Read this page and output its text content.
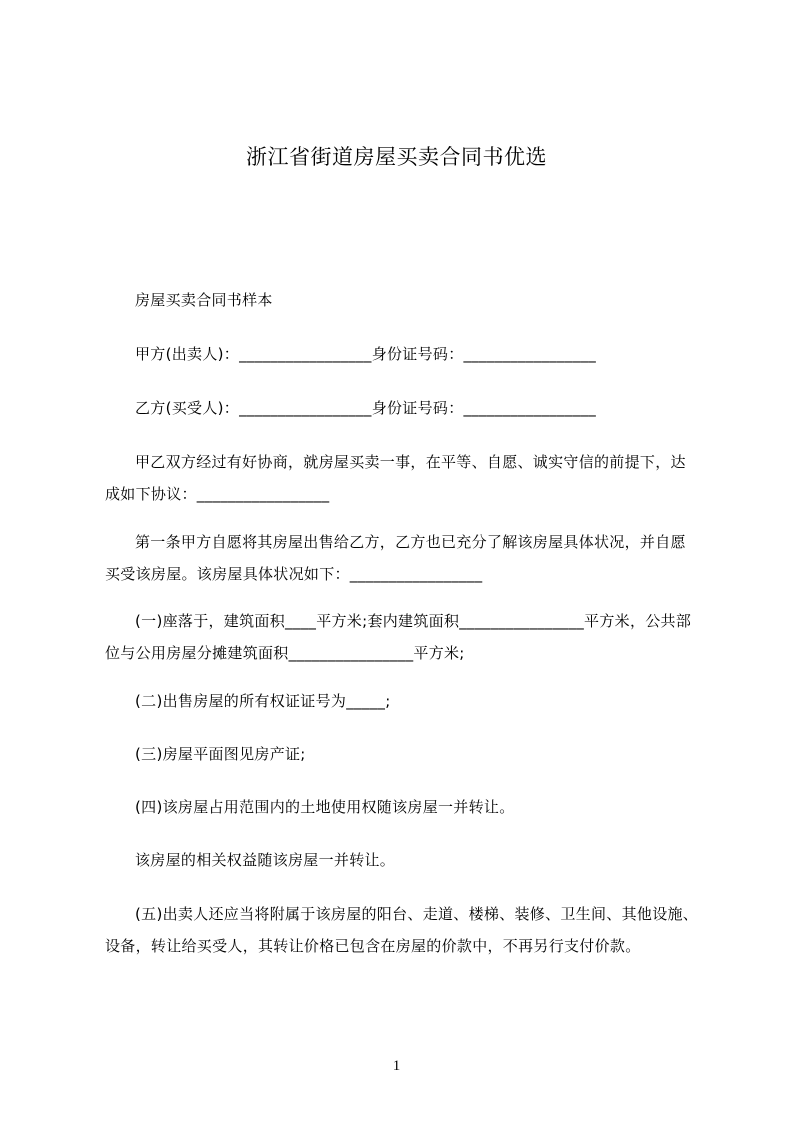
浙江省街道房屋买卖合同书优选

房屋买卖合同书样本

甲方(出卖人)：_________________身份证号码：_________________

乙方(买受人)：_________________身份证号码：_________________

甲乙双方经过有好协商，就房屋买卖一事，在平等、自愿、诚实守信的前提下，达成如下协议：_________________

第一条甲方自愿将其房屋出售给乙方，乙方也已充分了解该房屋具体状况，并自愿买受该房屋。该房屋具体状况如下：_________________

(一)座落于，建筑面积____平方米;套内建筑面积________________平方米，公共部位与公用房屋分摊建筑面积________________平方米;

(二)出售房屋的所有权证证号为_____;

(三)房屋平面图见房产证;

(四)该房屋占用范围内的土地使用权随该房屋一并转让。

该房屋的相关权益随该房屋一并转让。

(五)出卖人还应当将附属于该房屋的阳台、走道、楼梯、装修、卫生间、其他设施、设备，转让给买受人，其转让价格已包含在房屋的价款中，不再另行支付价款。

1
